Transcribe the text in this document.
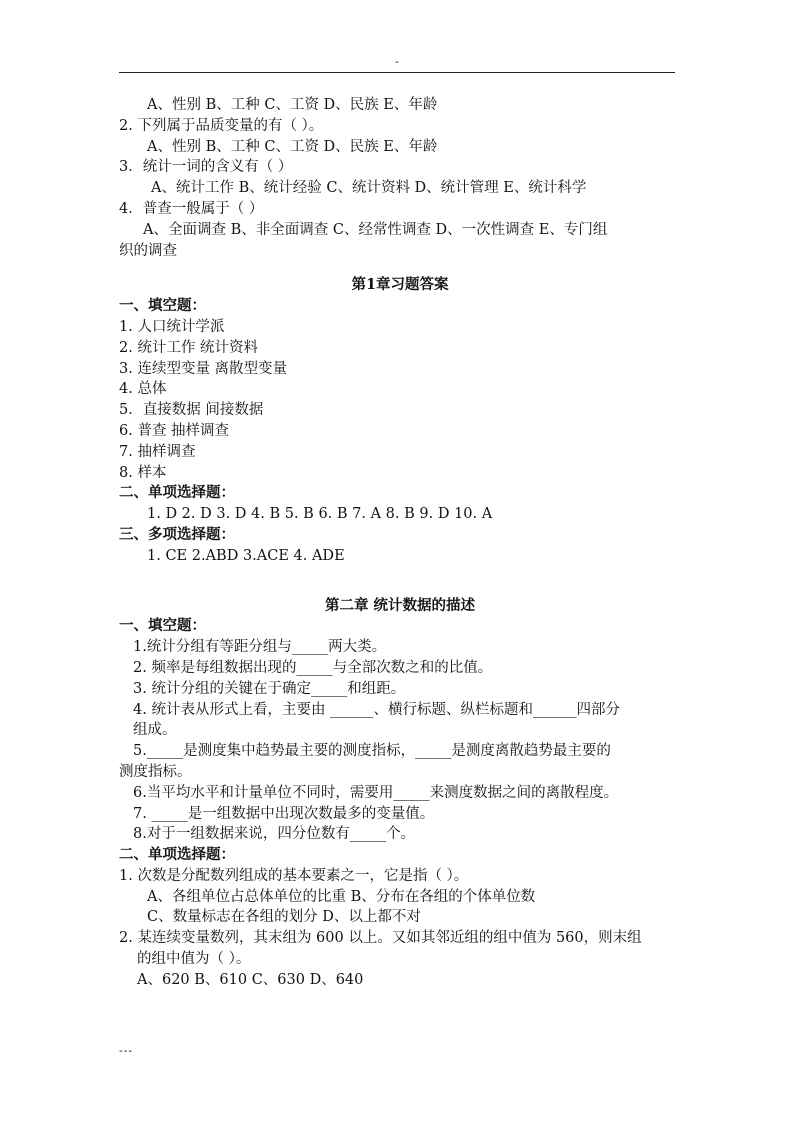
-
A、性别 B、工种 C、工资 D、民族 E、年龄
2. 下列属于品质变量的有（ ）。
A、性别 B、工种 C、工资 D、民族 E、年龄
3．统计一词的含义有（ ）
A、统计工作 B、统计经验 C、统计资料 D、统计管理 E、统计科学
4．普查一般属于（ ）
A、全面调查 B、非全面调查 C、经常性调查 D、一次性调查 E、专门组
织的调查
第1章习题答案
一、填空题：
1. 人口统计学派
2. 统计工作 统计资料
3. 连续型变量 离散型变量
4. 总体
5．直接数据 间接数据
6. 普查 抽样调查
7. 抽样调查
8. 样本
二、单项选择题：
1. D 2. D 3. D 4. B 5. B 6. B 7. A 8. B 9. D 10. A
三、多项选择题：
1. CE 2.ABD 3.ACE 4. ADE
第二章 统计数据的描述
一、填空题：
1.统计分组有等距分组与_____两大类。
2. 频率是每组数据出现的_____与全部次数之和的比值。
3. 统计分组的关键在于确定_____和组距。
4. 统计表从形式上看，主要由 ______、横行标题、纵栏标题和______四部分
组成。
5._____是测度集中趋势最主要的测度指标，_____是测度离散趋势最主要的
测度指标。
6.当平均水平和计量单位不同时，需要用_____来测度数据之间的离散程度。
7. _____是一组数据中出现次数最多的变量值。
8.对于一组数据来说，四分位数有_____个。
二、单项选择题：
1. 次数是分配数列组成的基本要素之一，它是指（ ）。
A、各组单位占总体单位的比重 B、分布在各组的个体单位数
C、数量标志在各组的划分 D、以上都不对
2. 某连续变量数列，其末组为 600 以上。又如其邻近组的组中值为 560，则末组
的组中值为（ ）。
A、620 B、610 C、630 D、640
---
